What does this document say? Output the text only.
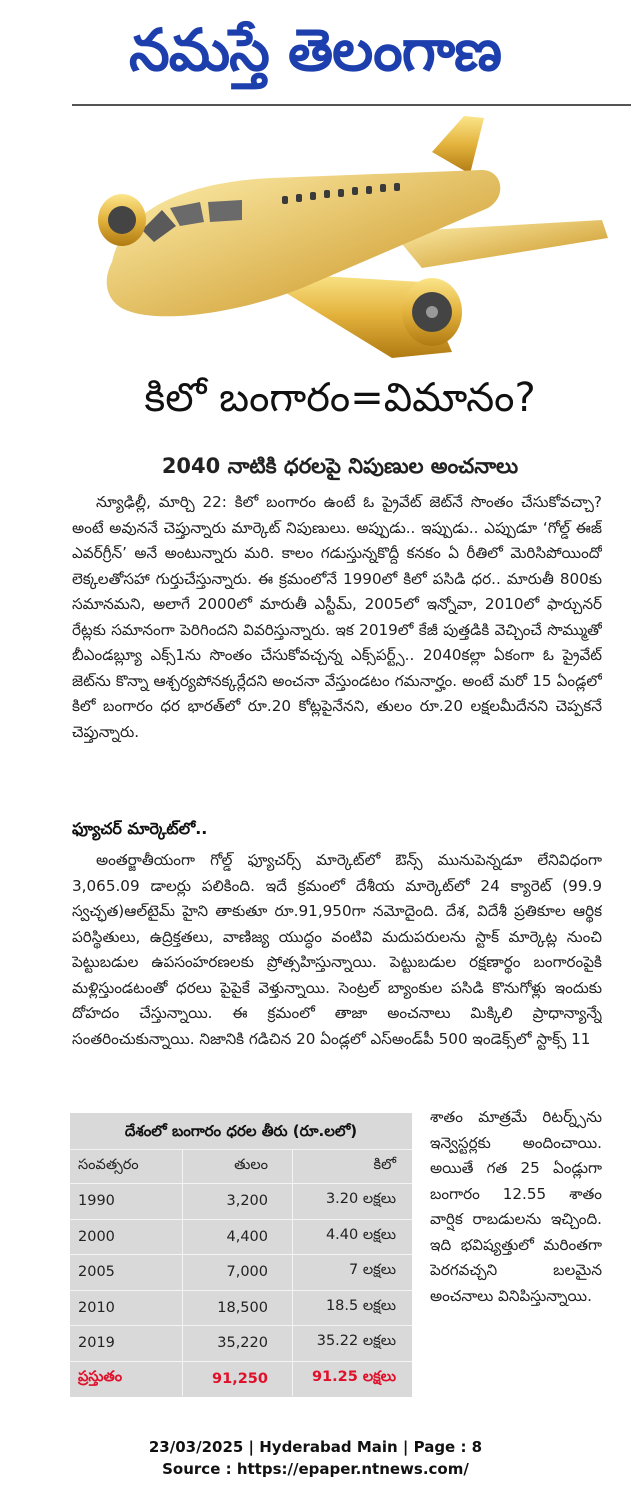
నమస్తే తెలంగాణ
కిలో బంగారం=విమానం?
2040 నాటికి ధరలపై నిపుణుల అంచనాలు
న్యూఢిల్లీ, మార్చి 22: కిలో బంగారం ఉంటే ఓ ప్రైవేట్ జెట్‌నే సొంతం చేసుకోవచ్చా? అంటే అవుననే చెప్తున్నారు మార్కెట్ నిపుణులు. అప్పుడు.. ఇప్పుడు.. ఎప్పుడూ ‘గోల్డ్ ఈజ్ ఎవర్‌గ్రీన్’ అనే అంటున్నారు మరి. కాలం గడుస్తున్నకొద్దీ కనకం ఏ రీతిలో మెరిసిపోయిందో లెక్కలతోసహా గుర్తుచేస్తున్నారు. ఈ క్రమంలోనే 1990లో కిలో పసిడి ధర.. మారుతీ 800కు సమానమని, అలాగే 2000లో మారుతీ ఎస్టీమ్, 2005లో ఇన్నోవా, 2010లో ఫార్చునర్ రేట్లకు సమానంగా పెరిగిందని వివరిస్తున్నారు. ఇక 2019లో కేజీ పుత్తడికి వెచ్చించే సొమ్ముతో బీఎండబ్ల్యూ ఎక్స్1ను సొంతం చేసుకోవచ్చన్న ఎక్స్‌పర్ట్స్.. 2040కల్లా ఏకంగా ఓ ప్రైవేట్ జెట్‌ను కొన్నా ఆశ్చర్యపోనక్కర్లేదని అంచనా వేస్తుండటం గమనార్హం. అంటే మరో 15 ఏండ్లలో కిలో బంగారం ధర భారత్‌లో రూ.20 కోట్లపైనేనని, తులం రూ.20 లక్షలమీదేనని చెప్పకనే చెప్తున్నారు.
ఫ్యూచర్ మార్కెట్‌లో..
అంతర్జాతీయంగా గోల్డ్ ఫ్యూచర్స్ మార్కెట్‌లో ఔన్స్ మునుపెన్నడూ లేనివిధంగా 3,065.09 డాలర్లు పలికింది. ఇదే క్రమంలో దేశీయ మార్కెట్‌లో 24 క్యారెట్ (99.9 స్వచ్ఛత)ఆల్‌టైమ్ హైని తాకుతూ రూ.91,950గా నమోదైంది. దేశ, విదేశీ ప్రతికూల ఆర్థిక పరిస్థితులు, ఉద్రిక్తతలు, వాణిజ్య యుద్ధం వంటివి మదుపరులను స్టాక్ మార్కెట్ల నుంచి పెట్టుబడుల ఉపసంహరణలకు ప్రోత్సహిస్తున్నాయి. పెట్టుబడుల రక్షణార్థం బంగారంపైకి మళ్లిస్తుండటంతో ధరలు పైపైకే వెళ్తున్నాయి. సెంట్రల్ బ్యాంకుల పసిడి కొనుగోళ్లు ఇందుకు దోహదం చేస్తున్నాయి. ఈ క్రమంలో తాజా అంచనాలు మిక్కిలి ప్రాధాన్యాన్నే సంతరించుకున్నాయి. నిజానికి గడిచిన 20 ఏండ్లలో ఎస్అండ్‌పీ 500 ఇండెక్స్‌లో స్టాక్స్ 11
శాతం మాత్రమే రిటర్న్స్‌ను ఇన్వెస్టర్లకు అందించాయి. అయితే గత 25 ఏండ్లుగా బంగారం 12.55 శాతం వార్షిక రాబడులను ఇచ్చింది. ఇది భవిష్యత్తులో మరింతగా పెరగవచ్చని బలమైన అంచనాలు వినిపిస్తున్నాయి.
దేశంలో బంగారం ధరల తీరు (రూ.లలో)
సంవత్సరం	తులం	కిలో
1990	3,200	3.20 లక్షలు
2000	4,400	4.40 లక్షలు
2005	7,000	7 లక్షలు
2010	18,500	18.5 లక్షలు
2019	35,220	35.22 లక్షలు
ప్రస్తుతం	91,250	91.25 లక్షలు
23/03/2025 | Hyderabad Main | Page : 8
Source : https://epaper.ntnews.com/
